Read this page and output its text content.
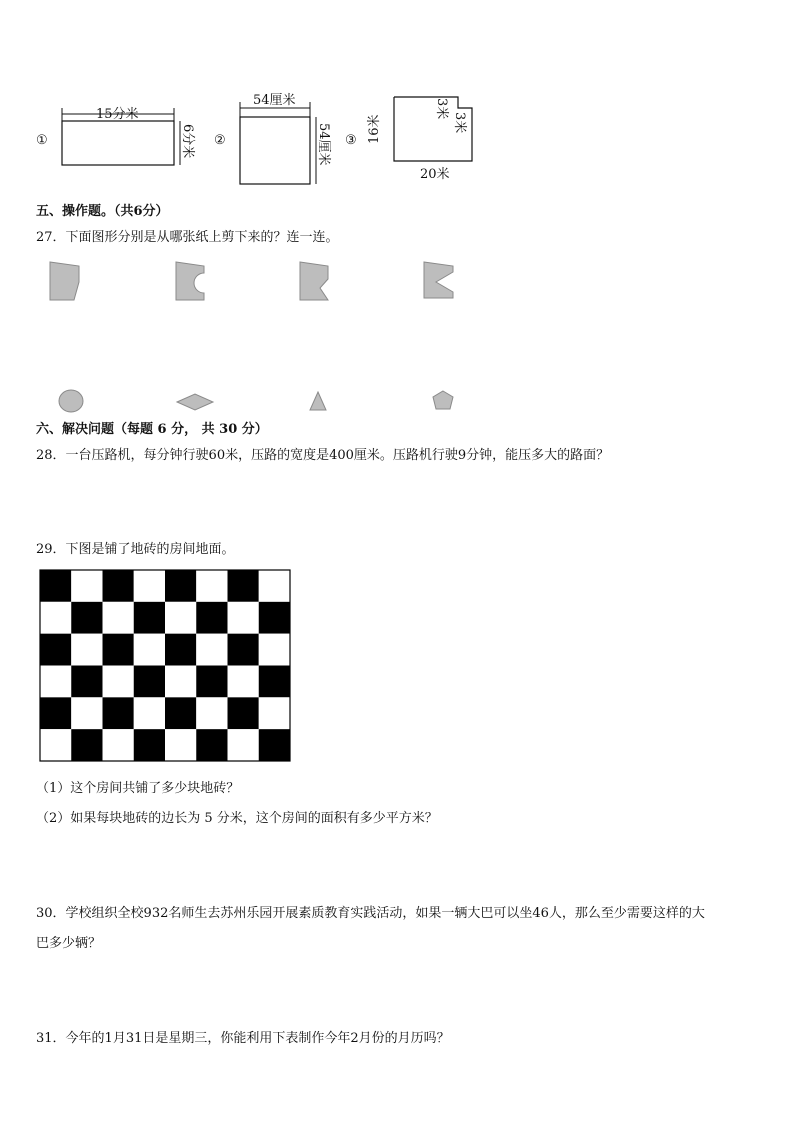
①
15分米
6分米 ②
54厘米
54厘米 ③ 16米
3米
3米
20米
五、操作题。（共6分）
27．下面图形分别是从哪张纸上剪下来的？连一连。
六、解决问题（每题 6 分， 共 30 分）
28．一台压路机，每分钟行驶60米，压路的宽度是400厘米。压路机行驶9分钟，能压多大的路面？
29．下图是铺了地砖的房间地面。
（1）这个房间共铺了多少块地砖？
（2）如果每块地砖的边长为 5 分米，这个房间的面积有多少平方米？
30．学校组织全校932名师生去苏州乐园开展素质教育实践活动，如果一辆大巴可以坐46人，那么至少需要这样的大
巴多少辆？
31．今年的1月31日是星期三，你能利用下表制作今年2月份的月历吗？
